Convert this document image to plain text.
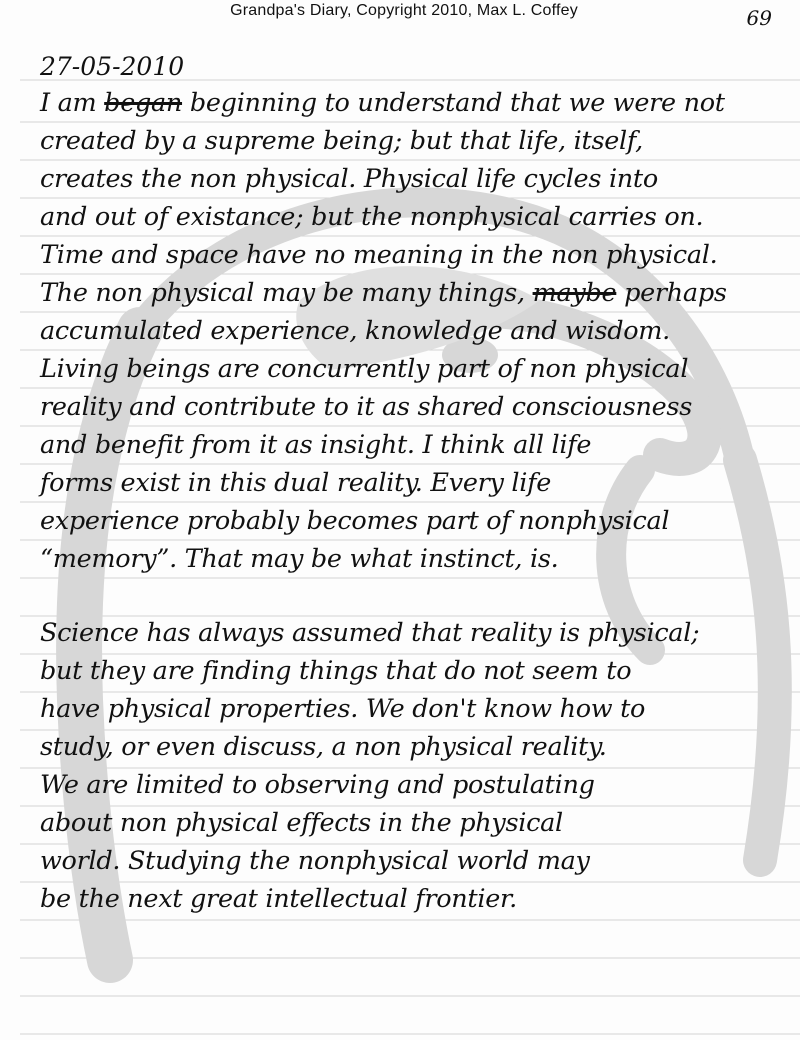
Grandpa's Diary, Copyright 2010, Max L. Coffey	69
27-05-2010
I am began beginning to understand that we were not
created by a supreme being; but that life, itself,
creates the non physical. Physical life cycles into
and out of existance; but the nonphysical carries on.
Time and space have no meaning in the non physical.
The non physical may be many things, maybe perhaps
accumulated experience, knowledge and wisdom.
Living beings are concurrently part of non physical
reality and contribute to it as shared consciousness
and benefit from it as insight. I think all life
forms exist in this dual reality. Every life
experience probably becomes part of nonphysical
“memory”. That may be what instinct, is.
Science has always assumed that reality is physical;
but they are finding things that do not seem to
have physical properties. We don't know how to
study, or even discuss, a non physical reality.
We are limited to observing and postulating
about non physical effects in the physical
world. Studying the nonphysical world may
be the next great intellectual frontier.
